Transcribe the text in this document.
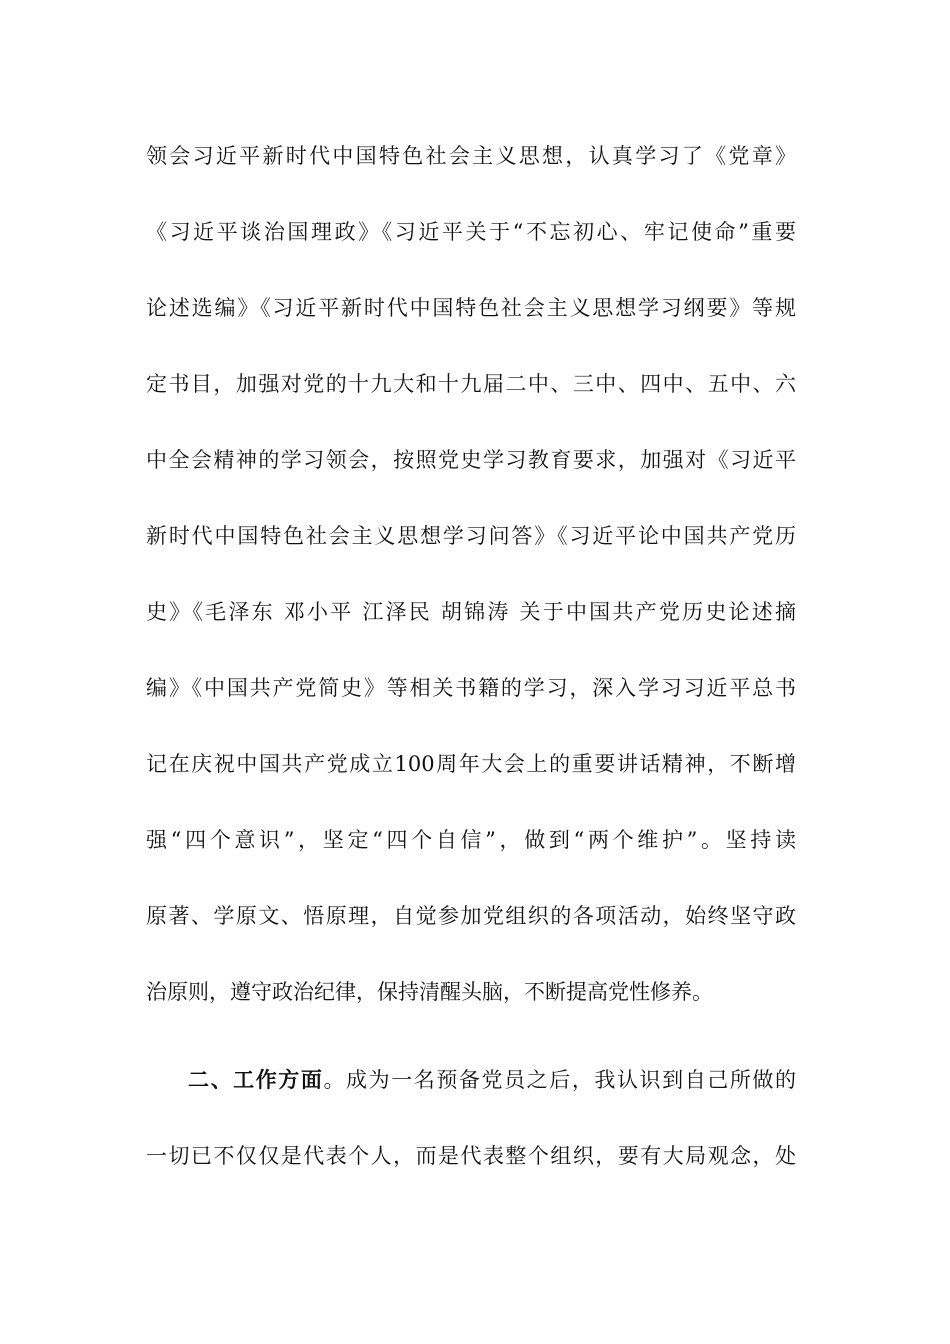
领会习近平新时代中国特色社会主义思想，认真学习了《党章》
《习近平谈治国理政》《习近平关于“不忘初心、牢记使命”重要
论述选编》《习近平新时代中国特色社会主义思想学习纲要》等规
定书目，加强对党的十九大和十九届二中、三中、四中、五中、六
中全会精神的学习领会，按照党史学习教育要求，加强对《习近平
新时代中国特色社会主义思想学习问答》《习近平论中国共产党历
史》《毛泽东 邓小平 江泽民 胡锦涛 关于中国共产党历史论述摘
编》《中国共产党简史》等相关书籍的学习，深入学习习近平总书
记在庆祝中国共产党成立100周年大会上的重要讲话精神，不断增
强“四个意识”，坚定“四个自信”，做到“两个维护”。坚持读
原著、学原文、悟原理，自觉参加党组织的各项活动，始终坚守政
治原则，遵守政治纪律，保持清醒头脑，不断提高党性修养。
二、工作方面。成为一名预备党员之后，我认识到自己所做的
一切已不仅仅是代表个人，而是代表整个组织，要有大局观念，处
